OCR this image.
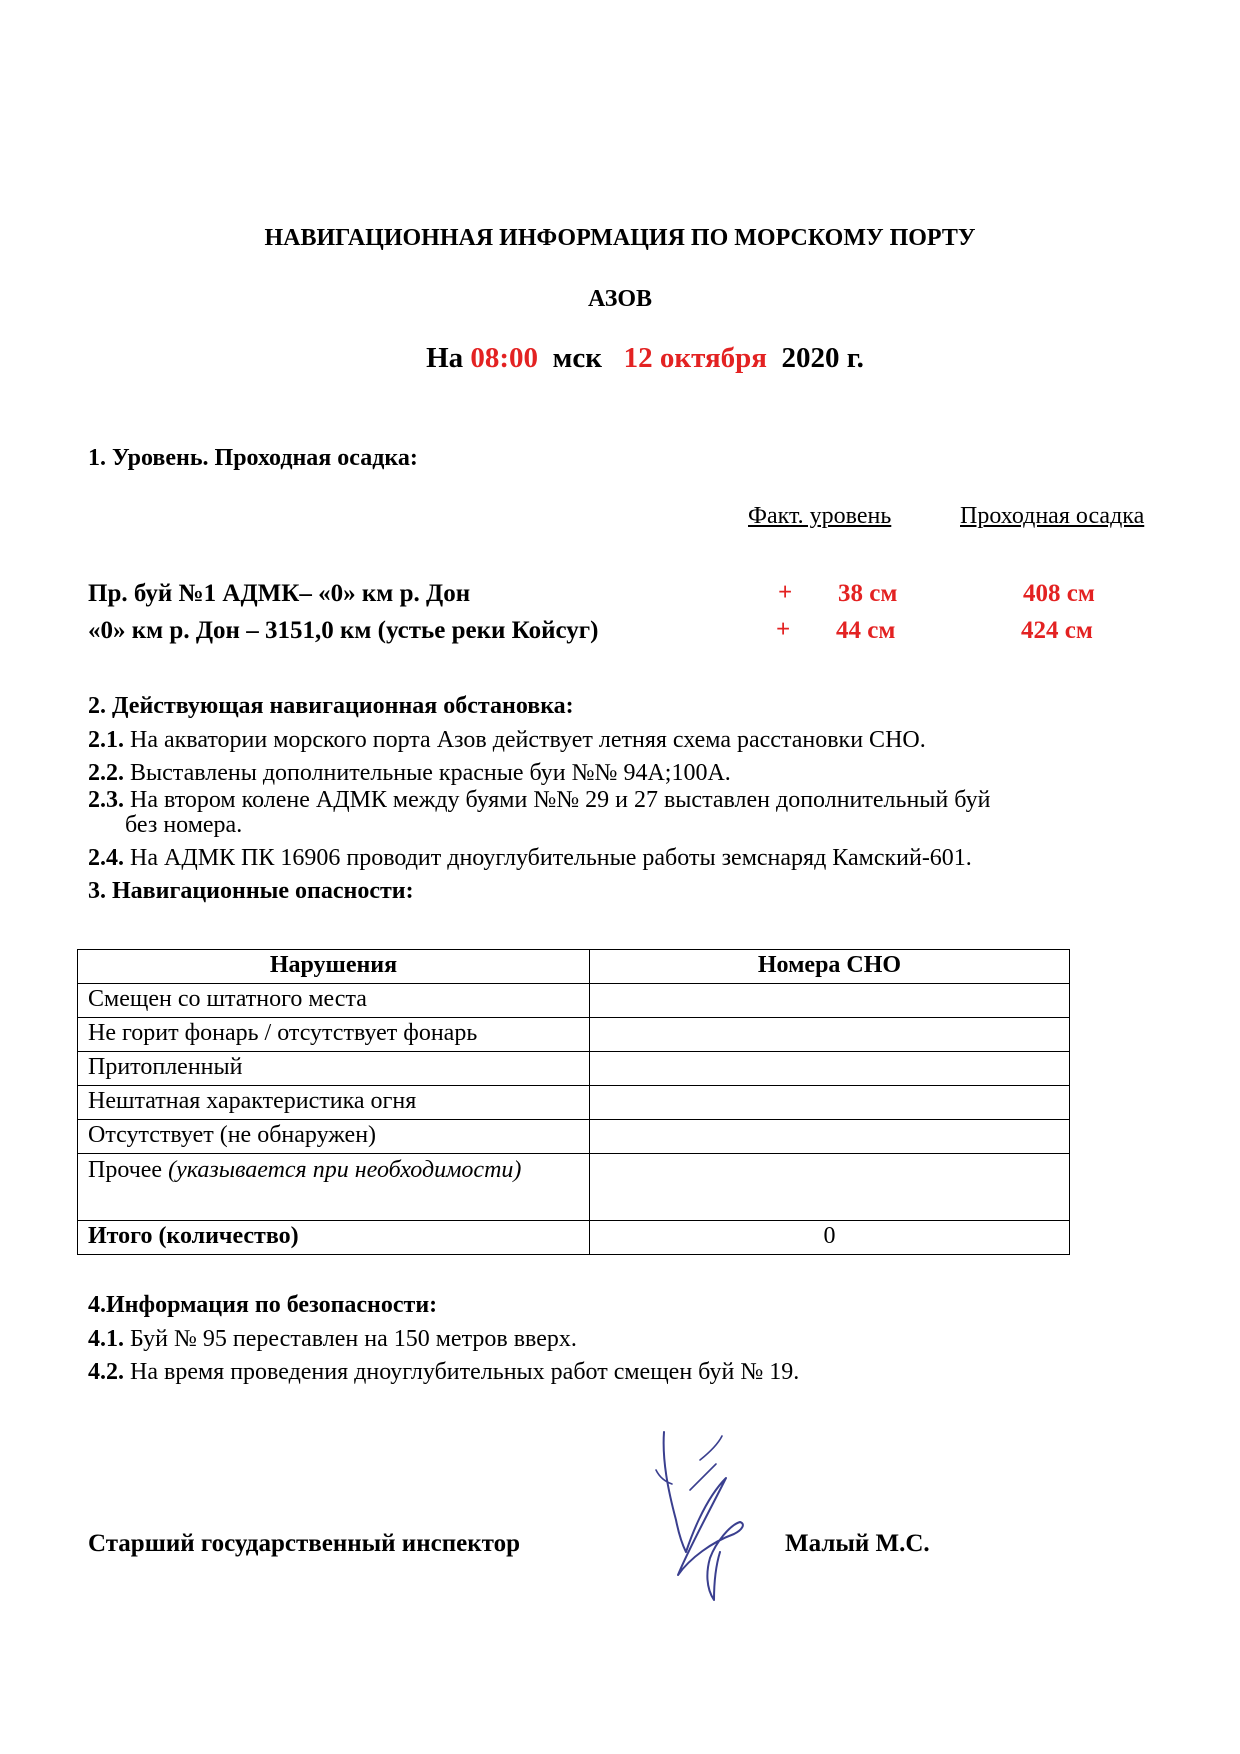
НАВИГАЦИОННАЯ ИНФОРМАЦИЯ ПО МОРСКОМУ ПОРТУ
АЗОВ
На 08:00 мск 12 октября 2020 г.
1. Уровень. Проходная осадка:
Факт. уровень	Проходная осадка
Пр. буй №1 АДМК– «0» км р. Дон	+ 38 см	408 см
«0» км р. Дон – 3151,0 км (устье реки Койсуг)	+ 44 см	424 см
2. Действующая навигационная обстановка:
2.1. На акватории морского порта Азов действует летняя схема расстановки СНО.
2.2. Выставлены дополнительные красные буи №№ 94А;100А.
2.3. На втором колене АДМК между буями №№ 29 и 27 выставлен дополнительный буй
без номера.
2.4. На АДМК ПК 16906 проводит дноуглубительные работы земснаряд Камский-601.
3. Навигационные опасности:
Нарушения	Номера СНО
Смещен со штатного места	
Не горит фонарь / отсутствует фонарь	
Притопленный	
Нештатная характеристика огня	
Отсутствует (не обнаружен)	
Прочее (указывается при необходимости)	
Итого (количество)	0
4.Информация по безопасности:
4.1. Буй № 95 переставлен на 150 метров вверх.
4.2. На время проведения дноуглубительных работ смещен буй № 19.
Старший государственный инспектор	Малый М.С.
